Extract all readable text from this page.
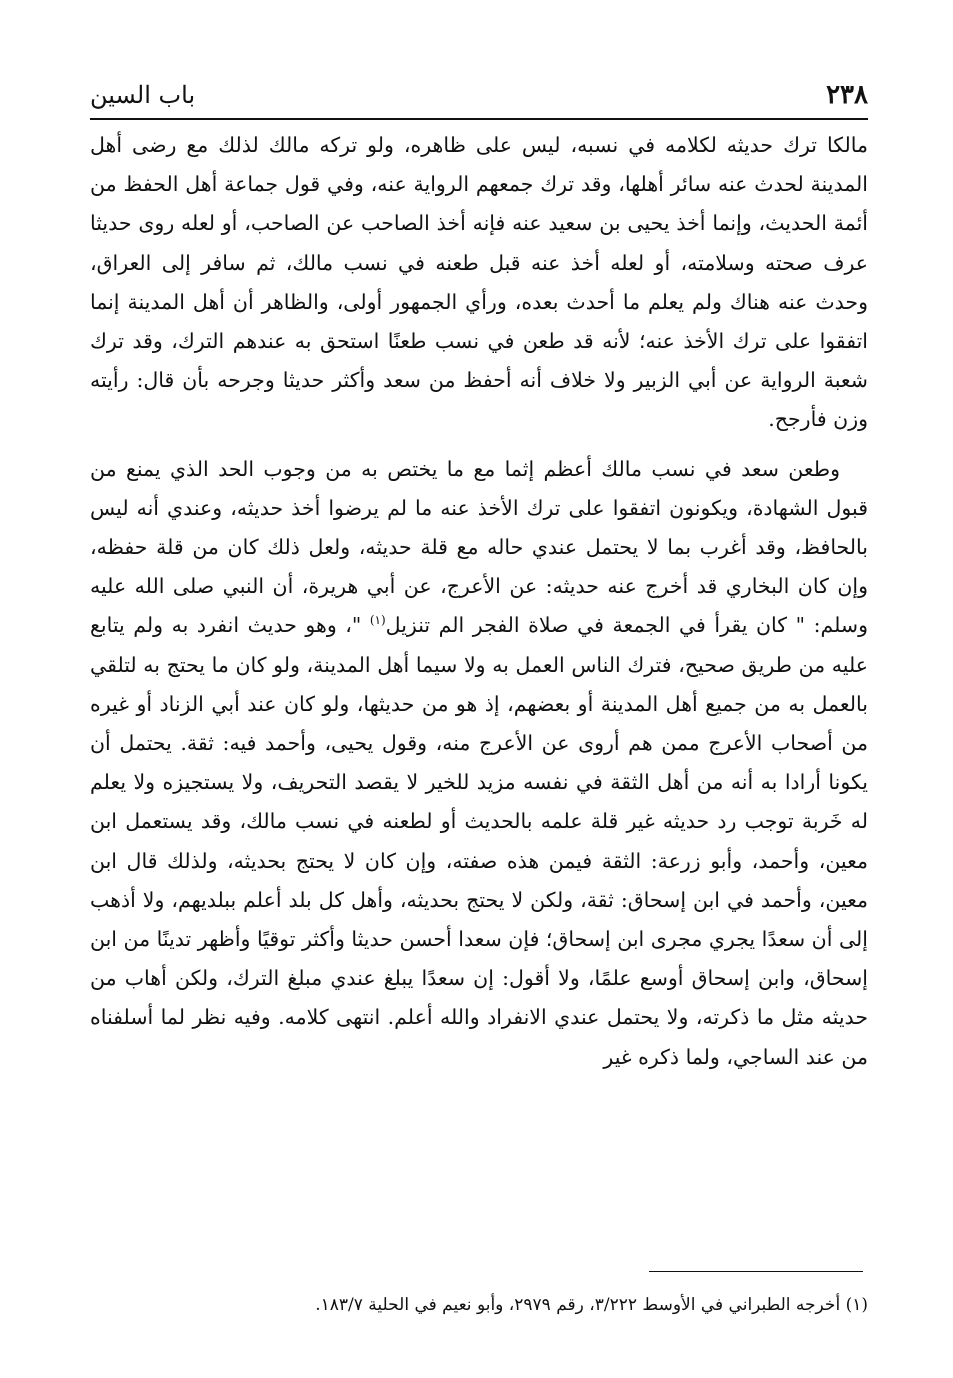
٢٣٨
باب السين

مالكا ترك حديثه لكلامه في نسبه، ليس على ظاهره، ولو تركه مالك لذلك مع رضى أهل المدينة لحدث عنه سائر أهلها، وقد ترك جمعهم الرواية عنه، وفي قول جماعة أهل الحفظ من أئمة الحديث، وإنما أخذ يحيى بن سعيد عنه فإنه أخذ الصاحب عن الصاحب، أو لعله روى حديثا عرف صحته وسلامته، أو لعله أخذ عنه قبل طعنه في نسب مالك، ثم سافر إلى العراق، وحدث عنه هناك ولم يعلم ما أحدث بعده، ورأي الجمهور أولى، والظاهر أن أهل المدينة إنما اتفقوا على ترك الأخذ عنه؛ لأنه قد طعن في نسب طعنًا استحق به عندهم الترك، وقد ترك شعبة الرواية عن أبي الزبير ولا خلاف أنه أحفظ من سعد وأكثر حديثا وجرحه بأن قال: رأيته وزن فأرجح.

وطعن سعد في نسب مالك أعظم إثما مع ما يختص به من وجوب الحد الذي يمنع من قبول الشهادة، ويكونون اتفقوا على ترك الأخذ عنه ما لم يرضوا أخذ حديثه، وعندي أنه ليس بالحافظ، وقد أغرب بما لا يحتمل عندي حاله مع قلة حديثه، ولعل ذلك كان من قلة حفظه، وإن كان البخاري قد أخرج عنه حديثه: عن الأعرج، عن أبي هريرة، أن النبي صلى الله عليه وسلم: " كان يقرأ في الجمعة في صلاة الفجر الم تنزيل$^{(١)}$ "، وهو حديث انفرد به ولم يتابع عليه من طريق صحيح، فترك الناس العمل به ولا سيما أهل المدينة، ولو كان ما يحتج به لتلقي بالعمل به من جميع أهل المدينة أو بعضهم، إذ هو من حديثها، ولو كان عند أبي الزناد أو غيره من أصحاب الأعرج ممن هم أروى عن الأعرج منه، وقول يحيى، وأحمد فيه: ثقة. يحتمل أن يكونا أرادا به أنه من أهل الثقة في نفسه مزيد للخير لا يقصد التحريف، ولا يستجيزه ولا يعلم له خَربة توجب رد حديثه غير قلة علمه بالحديث أو لطعنه في نسب مالك، وقد يستعمل ابن معين، وأحمد، وأبو زرعة: الثقة فيمن هذه صفته، وإن كان لا يحتج بحديثه، ولذلك قال ابن معين، وأحمد في ابن إسحاق: ثقة، ولكن لا يحتج بحديثه، وأهل كل بلد أعلم ببلديهم، ولا أذهب إلى أن سعدًا يجري مجرى ابن إسحاق؛ فإن سعدا أحسن حديثا وأكثر توقيًا وأظهر تدينًا من ابن إسحاق، وابن إسحاق أوسع علمًا، ولا أقول: إن سعدًا يبلغ عندي مبلغ الترك، ولكن أهاب من حديثه مثل ما ذكرته، ولا يحتمل عندي الانفراد والله أعلم. انتهى كلامه. وفيه نظر لما أسلفناه من عند الساجي، ولما ذكره غير

(١) أخرجه الطبراني في الأوسط ٣/٢٢٢، رقم ٢٩٧٩، وأبو نعيم في الحلية ١٨٣/٧.
